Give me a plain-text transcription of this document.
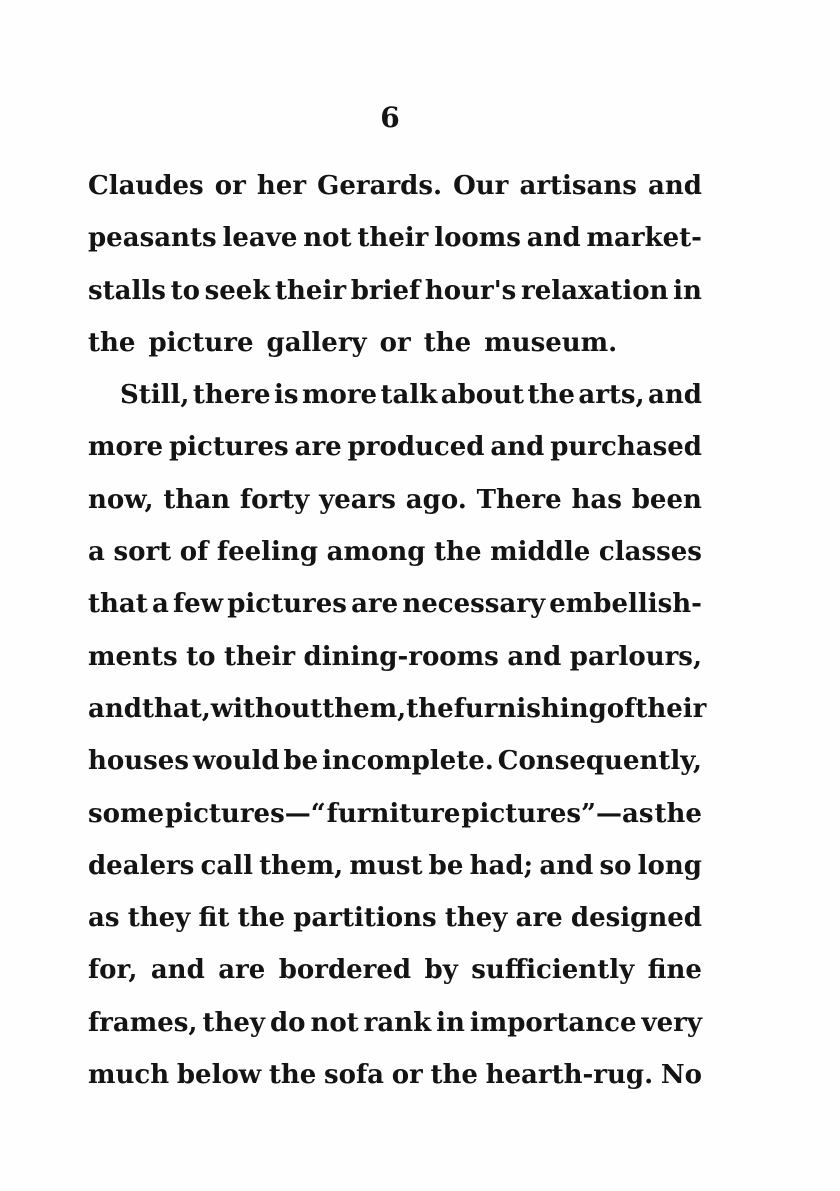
6
Claudes or her Gerards. Our artisans and
peasants leave not their looms and market-
stalls to seek their brief hour's relaxation in
the picture gallery or the museum.
Still, there is more talk about the arts, and
more pictures are produced and purchased
now, than forty years ago. There has been
a sort of feeling among the middle classes
that a few pictures are necessary embellish-
ments to their dining-rooms and parlours,
and that, without them, the furnishing of their
houses would be incomplete. Consequently,
some pictures—“ furniture pictures”—as the
dealers call them, must be had; and so long
as they fit the partitions they are designed
for, and are bordered by sufficiently fine
frames, they do not rank in importance very
much below the sofa or the hearth-rug. No
